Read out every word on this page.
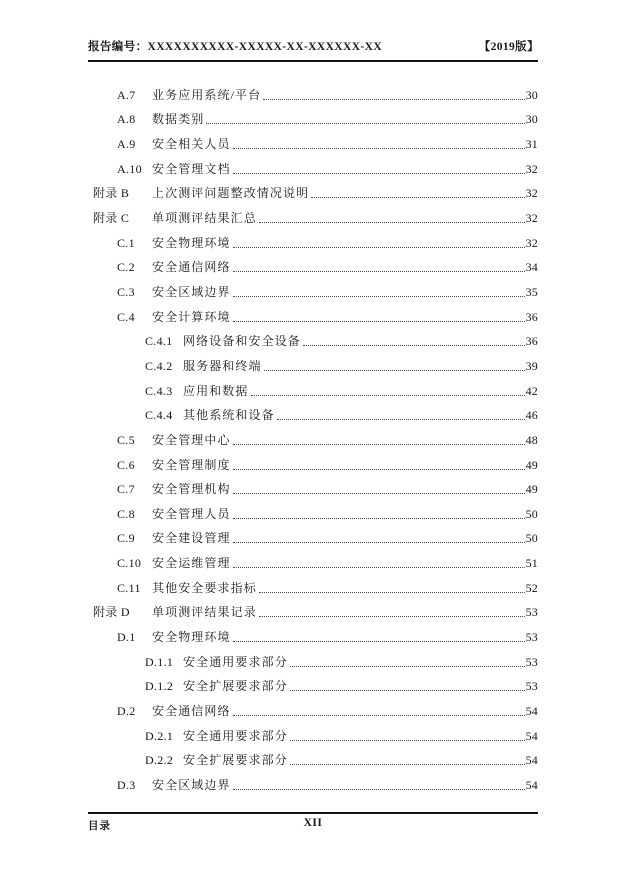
报告编号：XXXXXXXXXX-XXXXX-XX-XXXXXX-XX	【2019版】
A.7	业务应用系统/平台	30
A.8	数据类别	30
A.9	安全相关人员	31
A.10 安全管理文档	32
附录 B	上次测评问题整改情况说明	32
附录 C	单项测评结果汇总	32
C.1	安全物理环境	32
C.2	安全通信网络	34
C.3	安全区域边界	35
C.4	安全计算环境	36
C.4.1 网络设备和安全设备	36
C.4.2 服务器和终端	39
C.4.3 应用和数据	42
C.4.4 其他系统和设备	46
C.5	安全管理中心	48
C.6	安全管理制度	49
C.7	安全管理机构	49
C.8	安全管理人员	50
C.9	安全建设管理	50
C.10 安全运维管理	51
C.11 其他安全要求指标	52
附录 D	单项测评结果记录	53
D.1	安全物理环境	53
D.1.1 安全通用要求部分	53
D.1.2 安全扩展要求部分	53
D.2	安全通信网络	54
D.2.1 安全通用要求部分	54
D.2.2 安全扩展要求部分	54
D.3	安全区域边界	54
目录	XII
